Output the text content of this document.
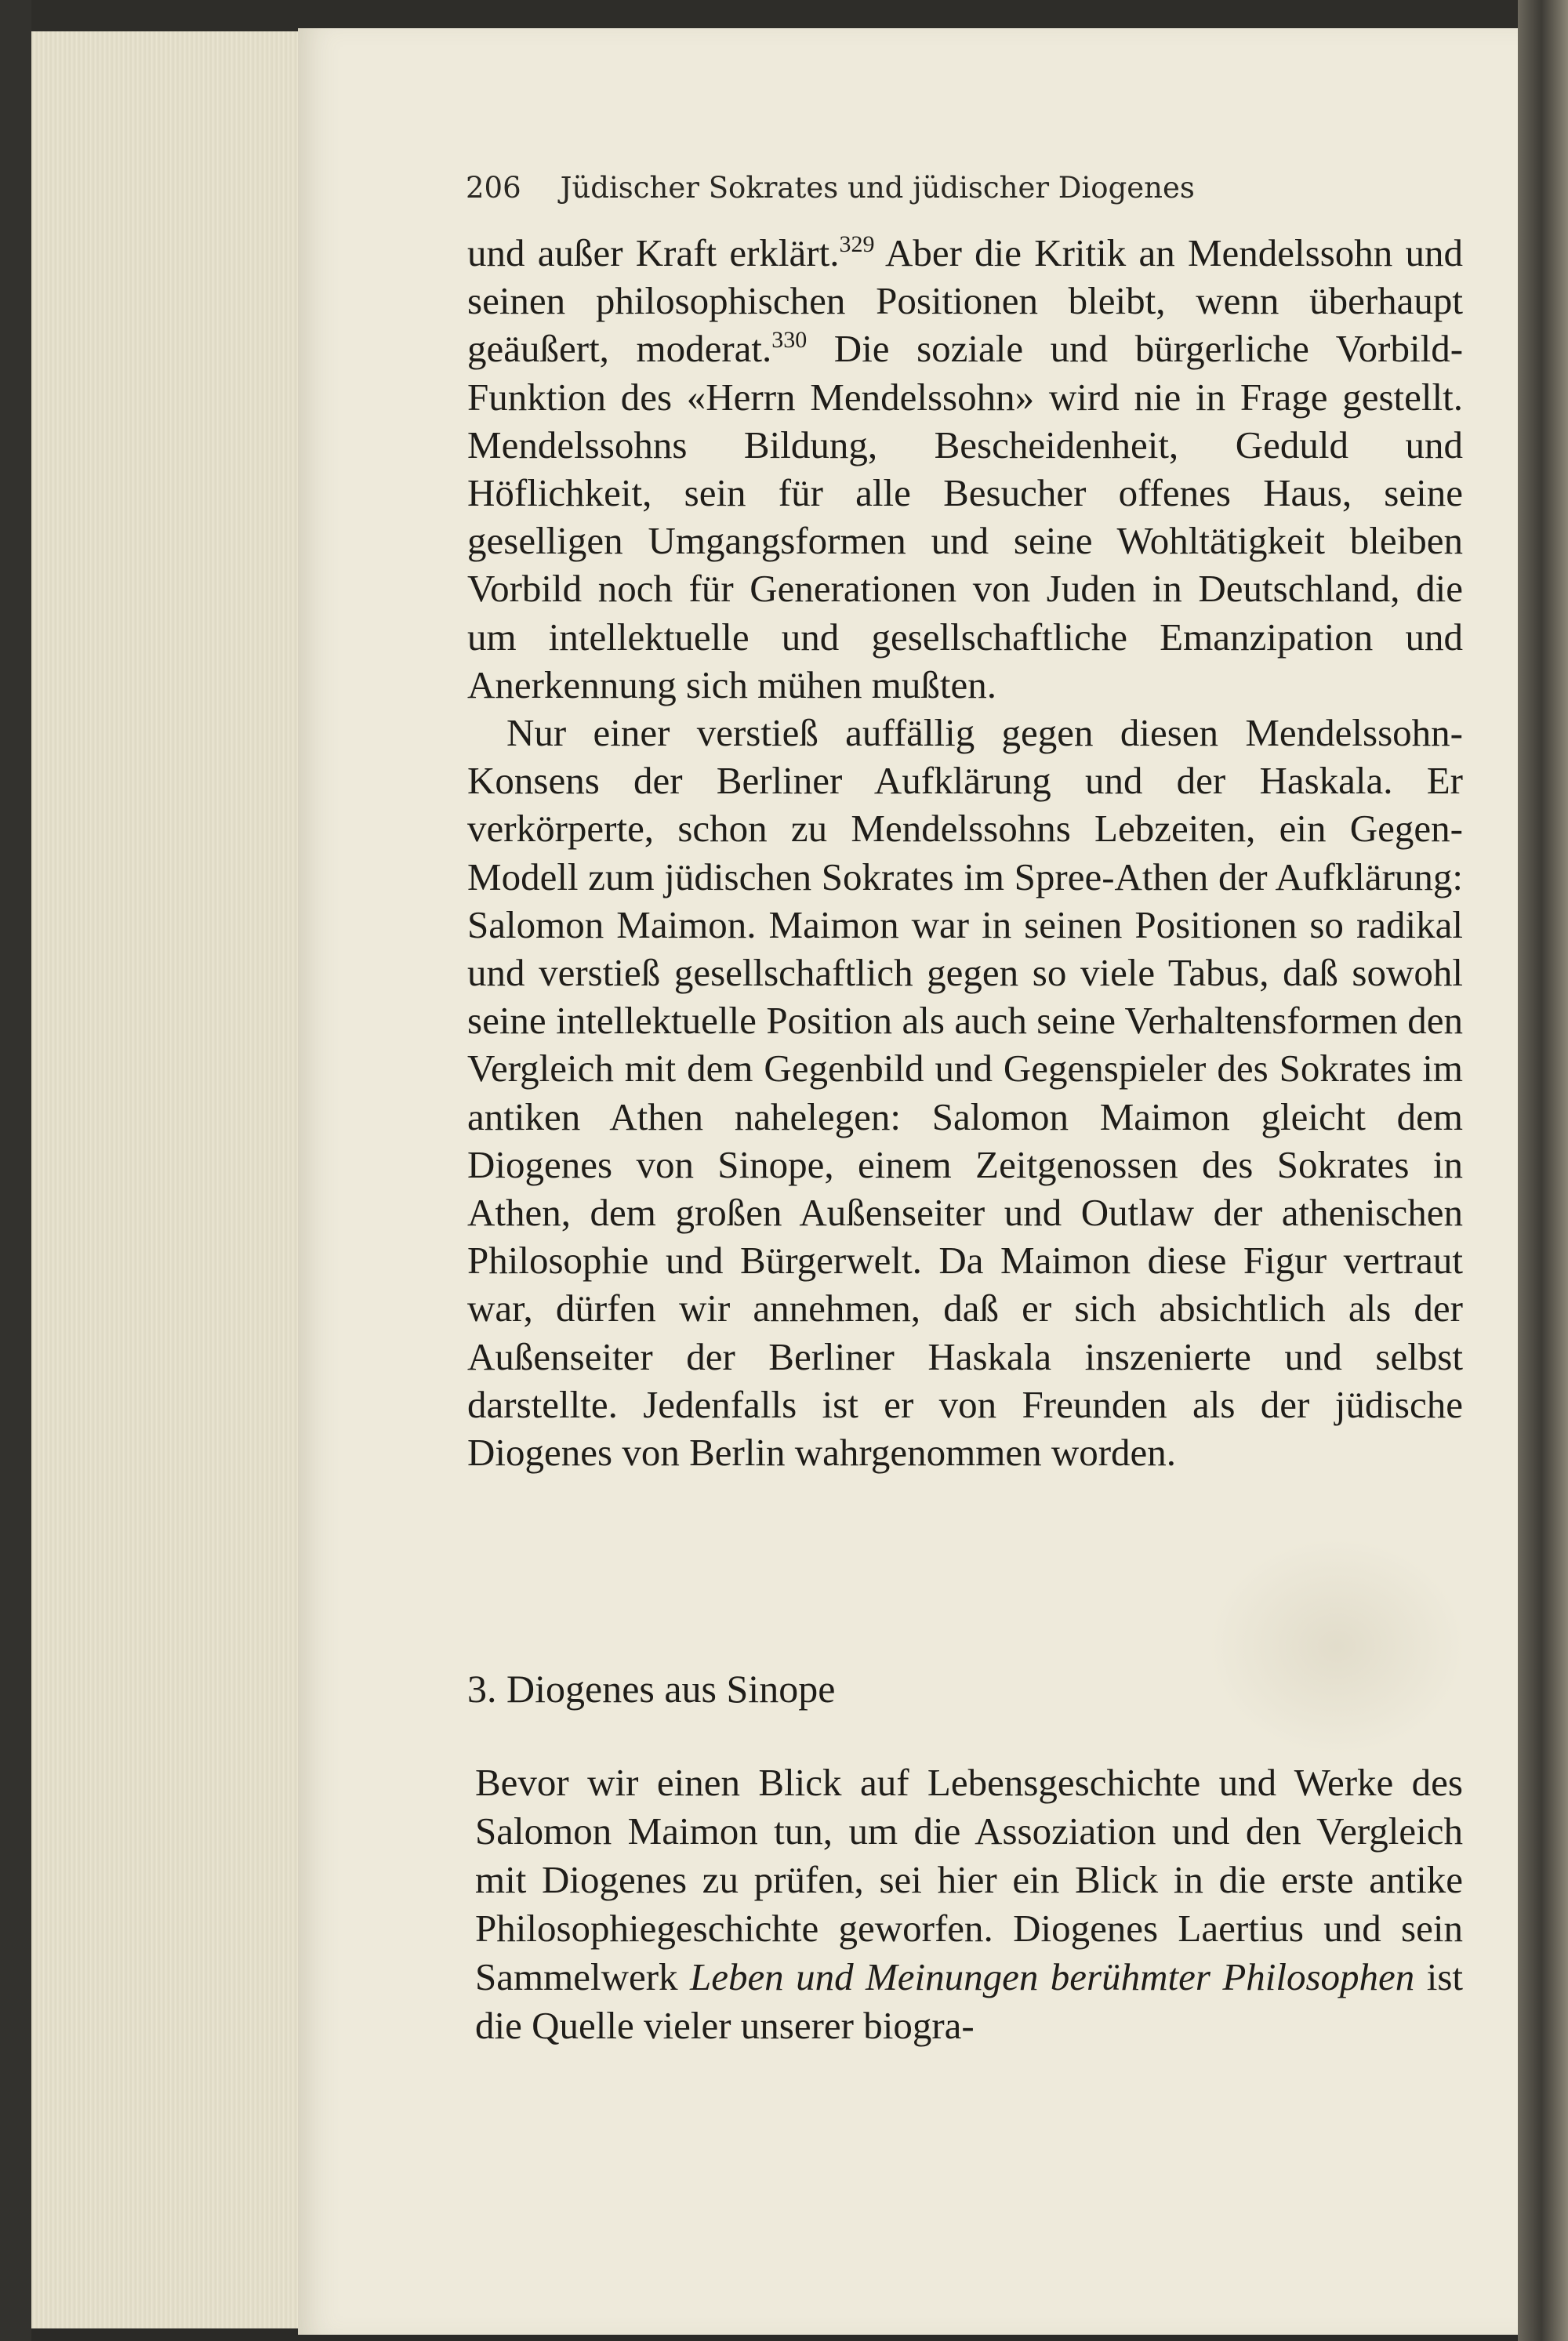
206 Jüdischer Sokrates und jüdischer Diogenes

und außer Kraft erklärt.$^{329}$ Aber die Kritik an Mendelssohn und seinen philosophischen Positionen bleibt, wenn überhaupt geäußert, moderat.$^{330}$ Die soziale und bürgerliche Vorbild-Funktion des «Herrn Mendelssohn» wird nie in Frage gestellt. Mendelssohns Bildung, Bescheidenheit, Geduld und Höflichkeit, sein für alle Besucher offenes Haus, seine geselligen Umgangsformen und seine Wohltätigkeit bleiben Vorbild noch für Generationen von Juden in Deutschland, die um intellektuelle und gesellschaftliche Emanzipation und Anerkennung sich mühen mußten.

Nur einer verstieß auffällig gegen diesen Mendelssohn-Konsens der Berliner Aufklärung und der Haskala. Er verkörperte, schon zu Mendelssohns Lebzeiten, ein Gegen-Modell zum jüdischen Sokrates im Spree-Athen der Aufklärung: Salomon Maimon. Maimon war in seinen Positionen so radikal und verstieß gesellschaftlich gegen so viele Tabus, daß sowohl seine intellektuelle Position als auch seine Verhaltensformen den Vergleich mit dem Gegenbild und Gegenspieler des Sokrates im antiken Athen nahelegen: Salomon Maimon gleicht dem Diogenes von Sinope, einem Zeitgenossen des Sokrates in Athen, dem großen Außenseiter und Outlaw der athenischen Philosophie und Bürgerwelt. Da Maimon diese Figur vertraut war, dürfen wir annehmen, daß er sich absichtlich als der Außenseiter der Berliner Haskala inszenierte und selbst darstellte. Jedenfalls ist er von Freunden als der jüdische Diogenes von Berlin wahrgenommen worden.

3. Diogenes aus Sinope

Bevor wir einen Blick auf Lebensgeschichte und Werke des Salomon Maimon tun, um die Assoziation und den Vergleich mit Diogenes zu prüfen, sei hier ein Blick in die erste antike Philosophiegeschichte geworfen. Diogenes Laertius und sein Sammelwerk Leben und Meinungen berühmter Philosophen ist die Quelle vieler unserer biogra-
